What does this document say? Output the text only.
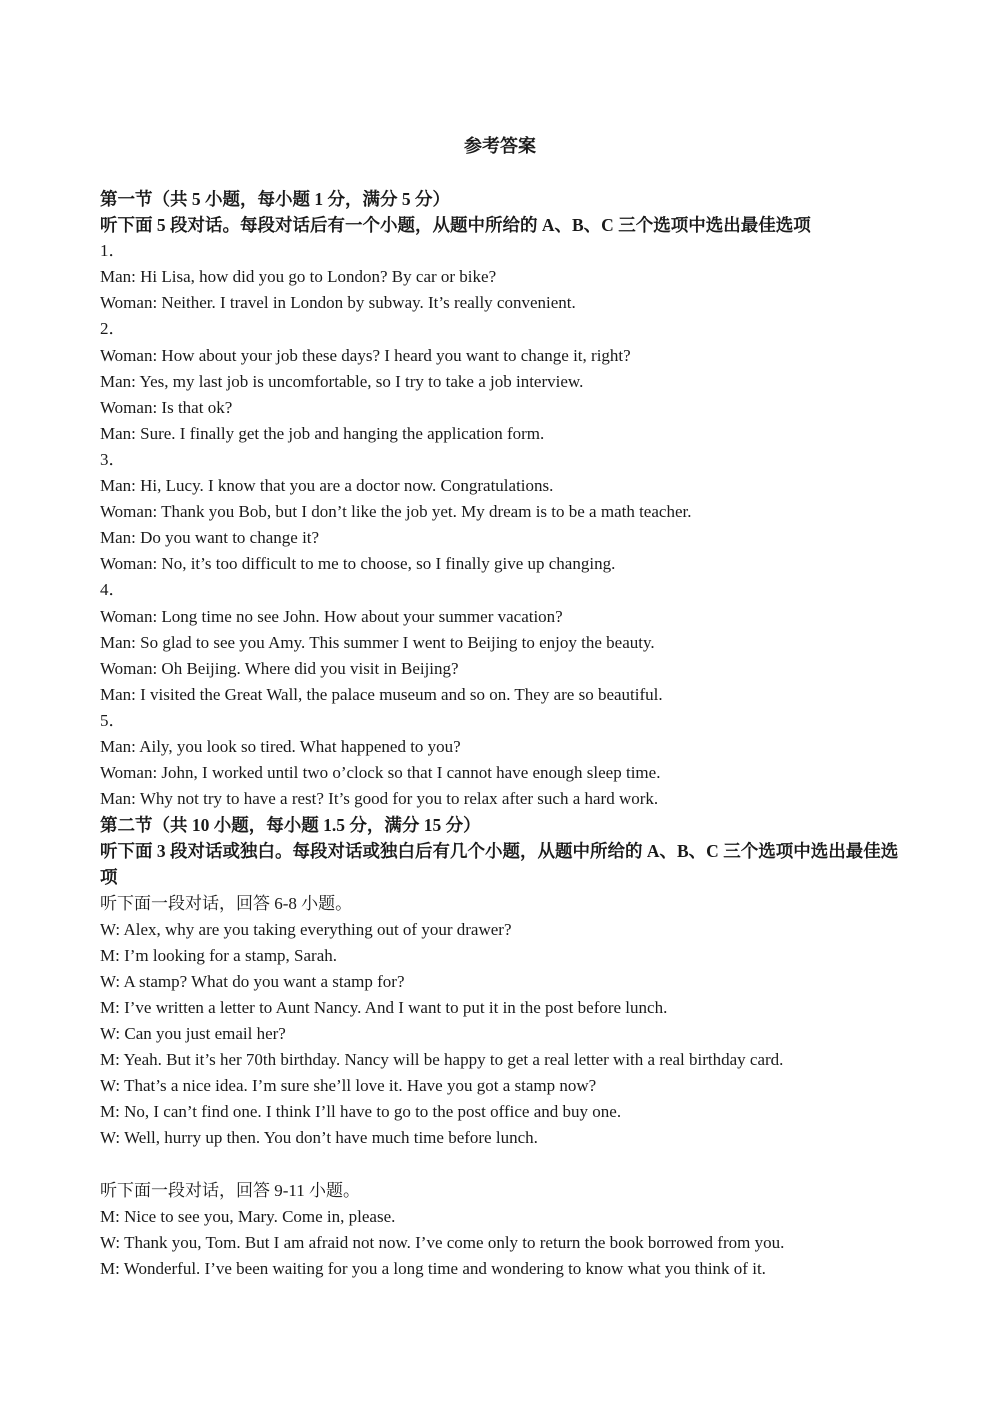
参考答案

第一节（共 5 小题，每小题 1 分，满分 5 分）

听下面 5 段对话。每段对话后有一个小题，从题中所给的 A、B、C 三个选项中选出最佳选项

1．

Man: Hi Lisa, how did you go to London? By car or bike?

Woman: Neither. I travel in London by subway. It’s really convenient.

2．

Woman: How about your job these days? I heard you want to change it, right?

Man: Yes, my last job is uncomfortable, so I try to take a job interview.

Woman: Is that ok?

Man: Sure. I finally get the job and hanging the application form.

3．

Man: Hi, Lucy. I know that you are a doctor now. Congratulations.

Woman: Thank you Bob, but I don’t like the job yet. My dream is to be a math teacher.

Man: Do you want to change it?

Woman: No, it’s too difficult to me to choose, so I finally give up changing.

4．

Woman: Long time no see John. How about your summer vacation?

Man: So glad to see you Amy. This summer I went to Beijing to enjoy the beauty.

Woman: Oh Beijing. Where did you visit in Beijing?

Man: I visited the Great Wall, the palace museum and so on. They are so beautiful.

5．

Man: Aily, you look so tired. What happened to you?

Woman: John, I worked until two o’clock so that I cannot have enough sleep time.

Man: Why not try to have a rest? It’s good for you to relax after such a hard work.

第二节（共 10 小题，每小题 1.5 分，满分 15 分）

听下面 3 段对话或独白。每段对话或独白后有几个小题，从题中所给的 A、B、C 三个选项中选出最佳选项

听下面一段对话，回答 6-8 小题。

W: Alex, why are you taking everything out of your drawer?

M: I’m looking for a stamp, Sarah.

W: A stamp? What do you want a stamp for?

M: I’ve written a letter to Aunt Nancy. And I want to put it in the post before lunch.

W: Can you just email her?

M: Yeah. But it’s her 70th birthday. Nancy will be happy to get a real letter with a real birthday card.

W: That’s a nice idea. I’m sure she’ll love it. Have you got a stamp now?

M: No, I can’t find one. I think I’ll have to go to the post office and buy one.

W: Well, hurry up then. You don’t have much time before lunch.

听下面一段对话，回答 9-11 小题。

M: Nice to see you, Mary. Come in, please.

W: Thank you, Tom. But I am afraid not now. I’ve come only to return the book borrowed from you.

M: Wonderful. I’ve been waiting for you a long time and wondering to know what you think of it.
